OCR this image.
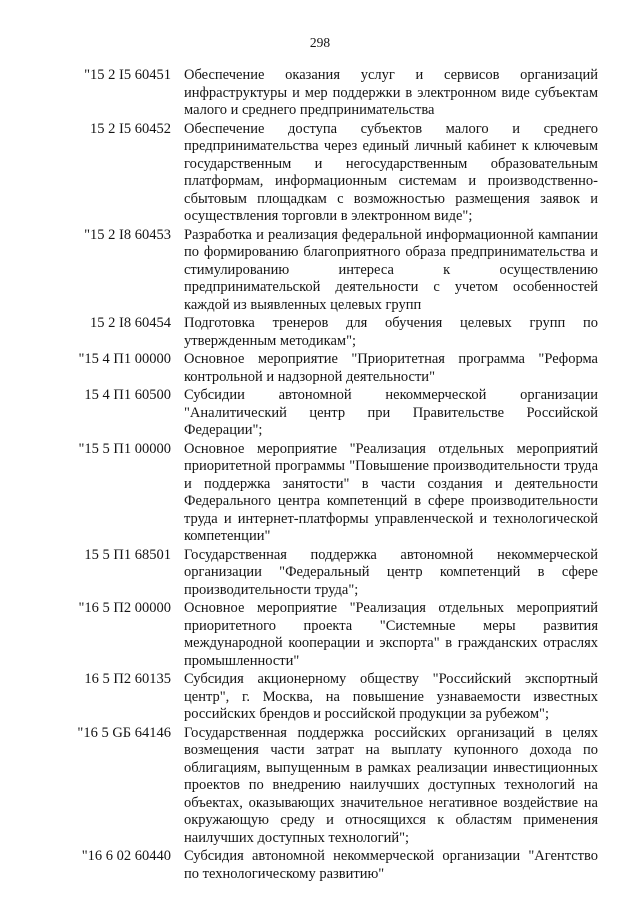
298
"15 2 I5 60451 Обеспечение оказания услуг и сервисов организаций инфраструктуры и мер поддержки в электронном виде субъектам малого и среднего предпринимательства
15 2 I5 60452 Обеспечение доступа субъектов малого и среднего предпринимательства через единый личный кабинет к ключевым государственным и негосударственным образовательным платформам, информационным системам и производственно-сбытовым площадкам с возможностью размещения заявок и осуществления торговли в электронном виде";
"15 2 I8 60453 Разработка и реализация федеральной информационной кампании по формированию благоприятного образа предпринимательства и стимулированию интереса к осуществлению предпринимательской деятельности с учетом особенностей каждой из выявленных целевых групп
15 2 I8 60454 Подготовка тренеров для обучения целевых групп по утвержденным методикам";
"15 4 П1 00000 Основное мероприятие "Приоритетная программа "Реформа контрольной и надзорной деятельности"
15 4 П1 60500 Субсидии автономной некоммерческой организации "Аналитический центр при Правительстве Российской Федерации";
"15 5 П1 00000 Основное мероприятие "Реализация отдельных мероприятий приоритетной программы "Повышение производительности труда и поддержка занятости" в части создания и деятельности Федерального центра компетенций в сфере производительности труда и интернет-платформы управленческой и технологической компетенции"
15 5 П1 68501 Государственная поддержка автономной некоммерческой организации "Федеральный центр компетенций в сфере производительности труда";
"16 5 П2 00000 Основное мероприятие "Реализация отдельных мероприятий приоритетного проекта "Системные меры развития международной кооперации и экспорта" в гражданских отраслях промышленности"
16 5 П2 60135 Субсидия акционерному обществу "Российский экспортный центр", г. Москва, на повышение узнаваемости известных российских брендов и российской продукции за рубежом";
"16 5 GБ 64146 Государственная поддержка российских организаций в целях возмещения части затрат на выплату купонного дохода по облигациям, выпущенным в рамках реализации инвестиционных проектов по внедрению наилучших доступных технологий на объектах, оказывающих значительное негативное воздействие на окружающую среду и относящихся к областям применения наилучших доступных технологий";
"16 6 02 60440 Субсидия автономной некоммерческой организации "Агентство по технологическому развитию"
